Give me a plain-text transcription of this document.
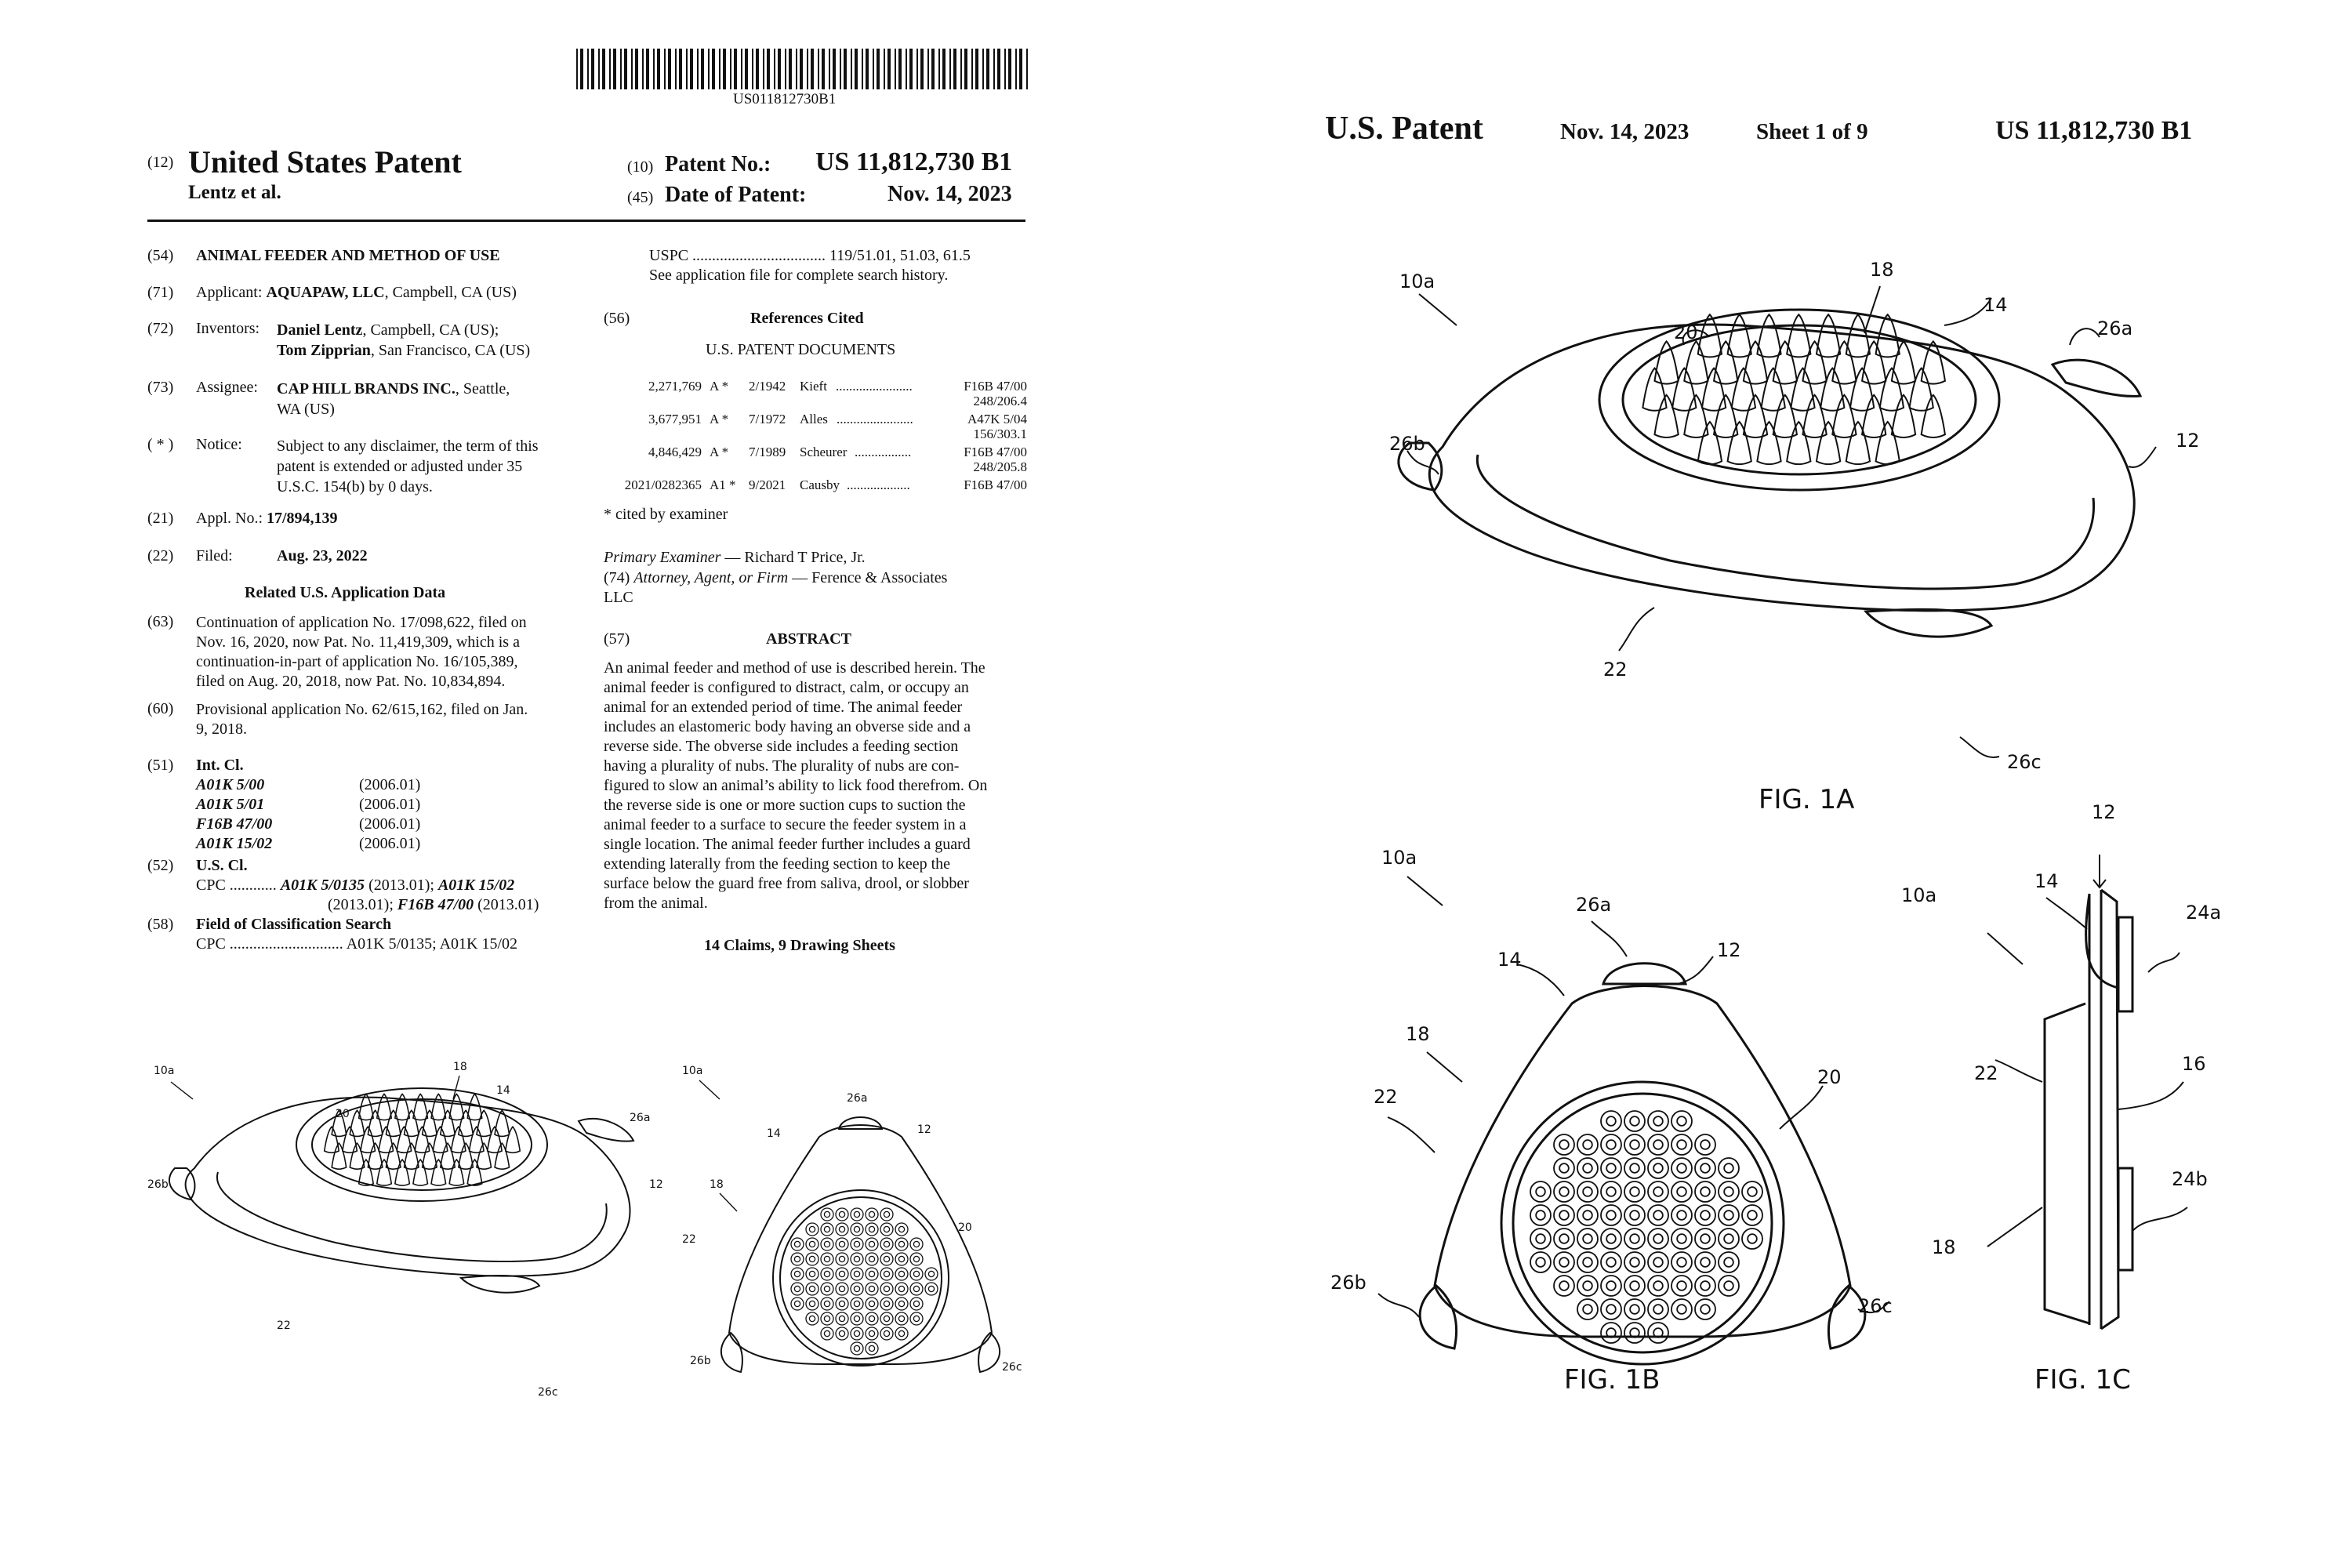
US011812730B1
(12) United States Patent
Lentz et al.
(10) Patent No.: US 11,812,730 B1
(45) Date of Patent:	Nov. 14, 2023
(54) ANIMAL FEEDER AND METHOD OF USE
(71) Applicant: AQUAPAW, LLC, Campbell, CA (US)
(72) Inventors: Daniel Lentz, Campbell, CA (US);
Tom Zipprian, San Francisco, CA (US)
(73) Assignee: CAP HILL BRANDS INC., Seattle,
WA (US)
( * ) Notice: Subject to any disclaimer, the term of this
patent is extended or adjusted under 35
U.S.C. 154(b) by 0 days.
(21) Appl. No.: 17/894,139
(22) Filed:	Aug. 23, 2022
Related U.S. Application Data
(63) Continuation of application No. 17/098,622, filed on
Nov. 16, 2020, now Pat. No. 11,419,309, which is a
continuation-in-part of application No. 16/105,389,
filed on Aug. 20, 2018, now Pat. No. 10,834,894.
(60) Provisional application No. 62/615,162, filed on Jan.
9, 2018.
(51) Int. Cl.
A01K 5/00	(2006.01)
A01K 5/01	(2006.01)
F16B 47/00	(2006.01)
A01K 15/02	(2006.01)
(52) U.S. Cl.
CPC ............ A01K 5/0135 (2013.01); A01K 15/02
(2013.01); F16B 47/00 (2013.01)
(58) Field of Classification Search
CPC ............................. A01K 5/0135; A01K 15/02
USPC .................................. 119/51.01, 51.03, 61.5
See application file for complete search history.
(56)	References Cited
U.S. PATENT DOCUMENTS
2,271,769 A *	2/1942	Kieft .......................	F16B 47/00
248/206.4
3,677,951 A *	7/1972	Alles .......................	A47K 5/04
156/303.1
4,846,429 A *	7/1989	Scheurer .................	F16B 47/00
248/205.8
2021/0282365 A1 * 9/2021	Causby ...................	F16B 47/00
* cited by examiner
Primary Examiner — Richard T Price, Jr.
(74) Attorney, Agent, or Firm — Ference & Associates
LLC
(57)	ABSTRACT
An animal feeder and method of use is described herein. The
animal feeder is configured to distract, calm, or occupy an
animal for an extended period of time. The animal feeder
includes an elastomeric body having an obverse side and a
reverse side. The obverse side includes a feeding section
having a plurality of nubs. The plurality of nubs are con-
figured to slow an animal’s ability to lick food therefrom. On
the reverse side is one or more suction cups to suction the
animal feeder to a surface to secure the feeder system in a
single location. The animal feeder further includes a guard
extending laterally from the feeding section to keep the
surface below the guard free from saliva, drool, or slobber
from the animal.
14 Claims, 9 Drawing Sheets
10a	18
14
20	26a
12
26b
22
26c
10a
26a
12
14
18
22
20
26b	26c
U.S. Patent	Nov. 14, 2023	Sheet 1 of 9	US 11,812,730 B1
10a
18
14
26a
20
26b	12
22
26c
FIG. 1A
10a
26a
14	12
18
22
20
26b
26c
FIG. 1B
12
10a
14
24a
22	16
24b
18
FIG. 1C
